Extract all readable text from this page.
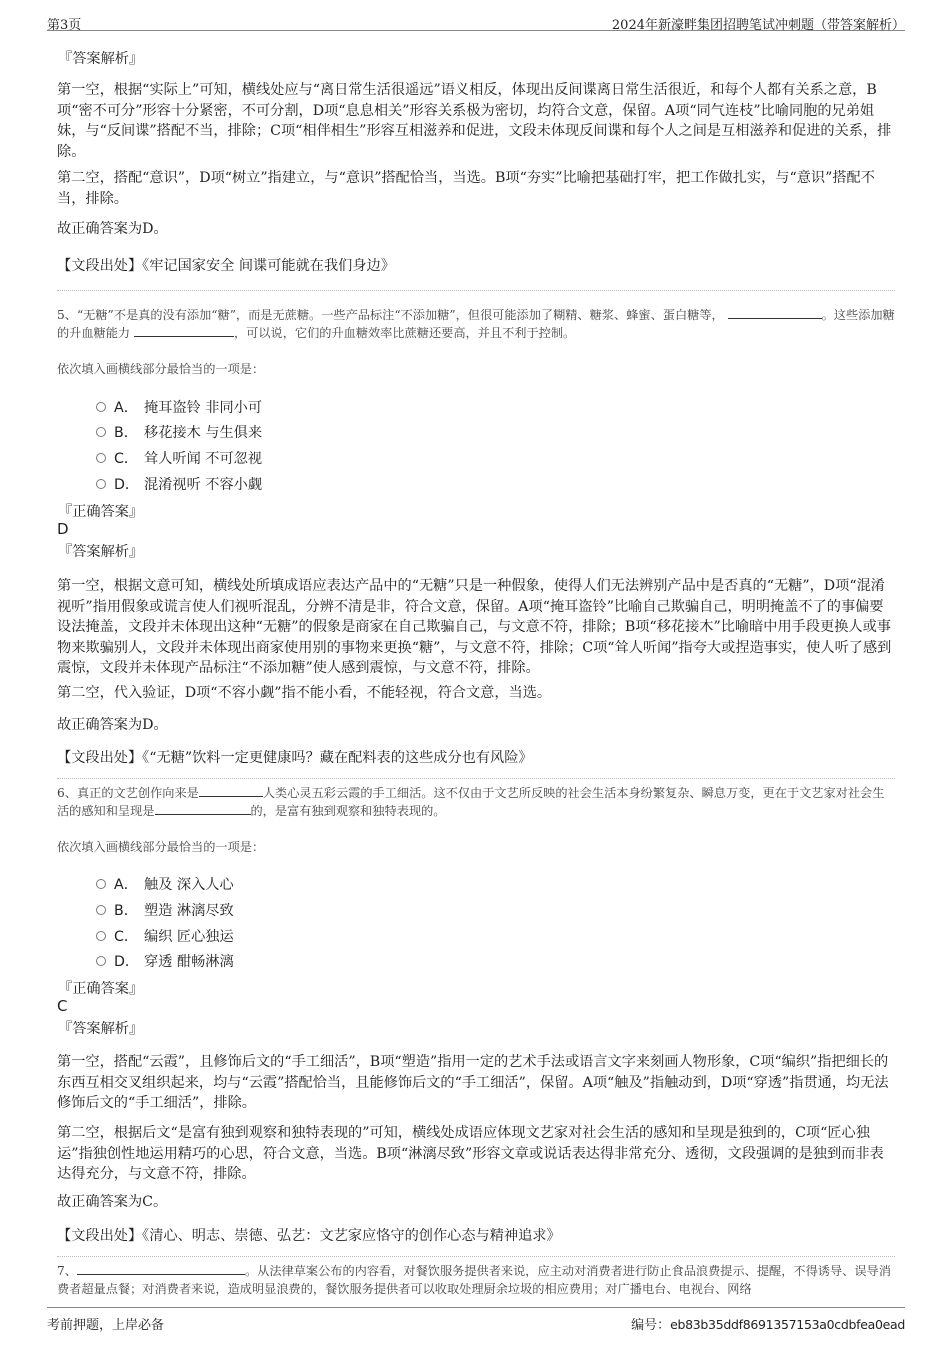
第3页	2024年新濠畔集团招聘笔试冲刺题（带答案解析）
『答案解析』
第一空，根据“实际上”可知，横线处应与“离日常生活很遥远”语义相反，体现出反间谍离日常生活很近，和每个人都有关系之意，B项“密不可分”形容十分紧密，不可分割，D项“息息相关”形容关系极为密切，均符合文意，保留。A项“同气连枝”比喻同胞的兄弟姐妹，与“反间谍”搭配不当，排除；C项“相伴相生”形容互相滋养和促进，文段未体现反间谍和每个人之间是互相滋养和促进的关系，排除。
第二空，搭配“意识”，D项“树立”指建立，与“意识”搭配恰当，当选。B项“夯实”比喻把基础打牢，把工作做扎实，与“意识”搭配不当，排除。
故正确答案为D。
【文段出处】《牢记国家安全 间谍可能就在我们身边》
5、“无糖”不是真的没有添加“糖”，而是无蔗糖。一些产品标注“不添加糖”，但很可能添加了糊精、糖浆、蜂蜜、蛋白糖等，	。这些添加糖的升血糖能力	，可以说，它们的升血糖效率比蔗糖还要高，并且不利于控制。
依次填入画横线部分最恰当的一项是：
A． 掩耳盗铃 非同小可
B． 移花接木 与生俱来
C． 耸人听闻 不可忽视
D． 混淆视听 不容小觑
『正确答案』
D
『答案解析』
第一空，根据文意可知，横线处所填成语应表达产品中的“无糖”只是一种假象，使得人们无法辨别产品中是否真的“无糖”，D项“混淆视听”指用假象或谎言使人们视听混乱，分辨不清是非，符合文意，保留。A项“掩耳盗铃”比喻自己欺骗自己，明明掩盖不了的事偏要设法掩盖，文段并未体现出这种“无糖”的假象是商家在自己欺骗自己，与文意不符，排除；B项“移花接木”比喻暗中用手段更换人或事物来欺骗别人，文段并未体现出商家使用别的事物来更换“糖”，与文意不符，排除；C项“耸人听闻”指夸大或捏造事实，使人听了感到震惊，文段并未体现产品标注“不添加糖”使人感到震惊，与文意不符，排除。
第二空，代入验证，D项“不容小觑”指不能小看，不能轻视，符合文意，当选。
故正确答案为D。
【文段出处】《“无糖”饮料一定更健康吗？藏在配料表的这些成分也有风险》
6、真正的文艺创作向来是	人类心灵五彩云霞的手工细活。这不仅由于文艺所反映的社会生活本身纷繁复杂、瞬息万变，更在于文艺家对社会生活的感知和呈现是	的，是富有独到观察和独特表现的。
依次填入画横线部分最恰当的一项是：
A． 触及 深入人心
B． 塑造 淋漓尽致
C． 编织 匠心独运
D． 穿透 酣畅淋漓
『正确答案』
C
『答案解析』
第一空，搭配“云霞”，且修饰后文的“手工细活”，B项“塑造”指用一定的艺术手法或语言文字来刻画人物形象，C项“编织”指把细长的东西互相交叉组织起来，均与“云霞”搭配恰当，且能修饰后文的“手工细活”，保留。A项“触及”指触动到，D项“穿透”指贯通，均无法修饰后文的“手工细活”，排除。
第二空，根据后文“是富有独到观察和独特表现的”可知，横线处成语应体现文艺家对社会生活的感知和呈现是独到的，C项“匠心独运”指独创性地运用精巧的心思，符合文意，当选。B项“淋漓尽致”形容文章或说话表达得非常充分、透彻，文段强调的是独到而非表达得充分，与文意不符，排除。
故正确答案为C。
【文段出处】《清心、明志、崇德、弘艺：文艺家应恪守的创作心态与精神追求》
7、	。从法律草案公布的内容看，对餐饮服务提供者来说，应主动对消费者进行防止食品浪费提示、提醒，不得诱导、误导消费者超量点餐；对消费者来说，造成明显浪费的，餐饮服务提供者可以收取处理厨余垃圾的相应费用；对广播电台、电视台、网络
考前押题，上岸必备	编号：eb83b35ddf8691357153a0cdbfea0ead
